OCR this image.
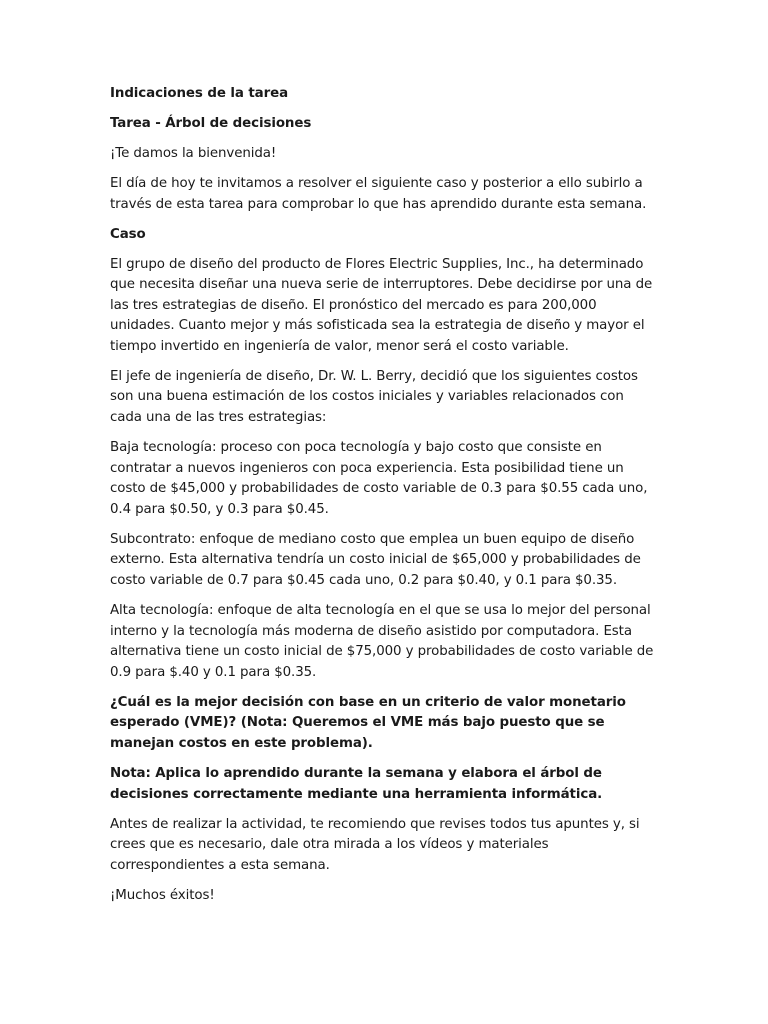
Indicaciones de la tarea

Tarea - Árbol de decisiones

¡Te damos la bienvenida!

El día de hoy te invitamos a resolver el siguiente caso y posterior a ello subirlo a través de esta tarea para comprobar lo que has aprendido durante esta semana.

Caso

El grupo de diseño del producto de Flores Electric Supplies, Inc., ha determinado que necesita diseñar una nueva serie de interruptores. Debe decidirse por una de las tres estrategias de diseño. El pronóstico del mercado es para 200,000 unidades. Cuanto mejor y más sofisticada sea la estrategia de diseño y mayor el tiempo invertido en ingeniería de valor, menor será el costo variable.

El jefe de ingeniería de diseño, Dr. W. L. Berry, decidió que los siguientes costos son una buena estimación de los costos iniciales y variables relacionados con cada una de las tres estrategias:

Baja tecnología: proceso con poca tecnología y bajo costo que consiste en contratar a nuevos ingenieros con poca experiencia. Esta posibilidad tiene un costo de $45,000 y probabilidades de costo variable de 0.3 para $0.55 cada uno, 0.4 para $0.50, y 0.3 para $0.45.

Subcontrato: enfoque de mediano costo que emplea un buen equipo de diseño externo. Esta alternativa tendría un costo inicial de $65,000 y probabilidades de costo variable de 0.7 para $0.45 cada uno, 0.2 para $0.40, y 0.1 para $0.35.

Alta tecnología: enfoque de alta tecnología en el que se usa lo mejor del personal interno y la tecnología más moderna de diseño asistido por computadora. Esta alternativa tiene un costo inicial de $75,000 y probabilidades de costo variable de 0.9 para $.40 y 0.1 para $0.35.

¿Cuál es la mejor decisión con base en un criterio de valor monetario esperado (VME)? (Nota: Queremos el VME más bajo puesto que se manejan costos en este problema).

Nota: Aplica lo aprendido durante la semana y elabora el árbol de decisiones correctamente mediante una herramienta informática.

Antes de realizar la actividad, te recomiendo que revises todos tus apuntes y, si crees que es necesario, dale otra mirada a los vídeos y materiales correspondientes a esta semana.

¡Muchos éxitos!
